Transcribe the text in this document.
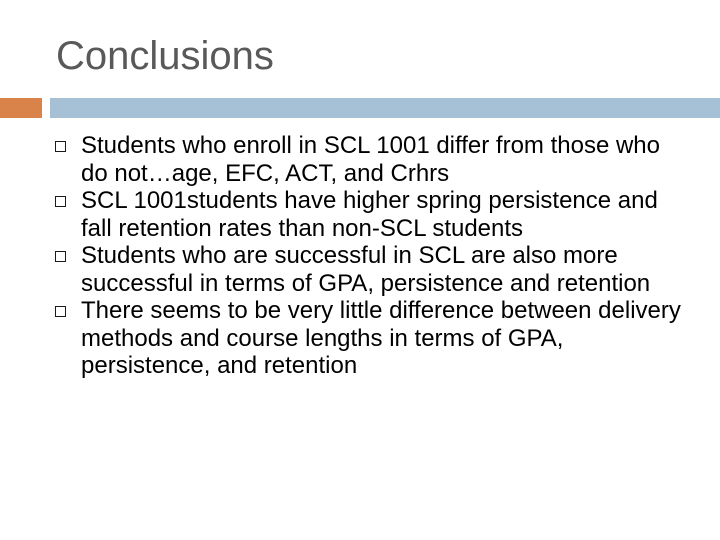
Conclusions
Students who enroll in SCL 1001 differ from those who do not…age, EFC, ACT, and Crhrs
SCL 1001students have higher spring persistence and fall retention rates than non-SCL students
Students who are successful in SCL are also more successful in terms of GPA, persistence and retention
There seems to be very little difference between delivery methods and course lengths in terms of GPA, persistence, and retention
